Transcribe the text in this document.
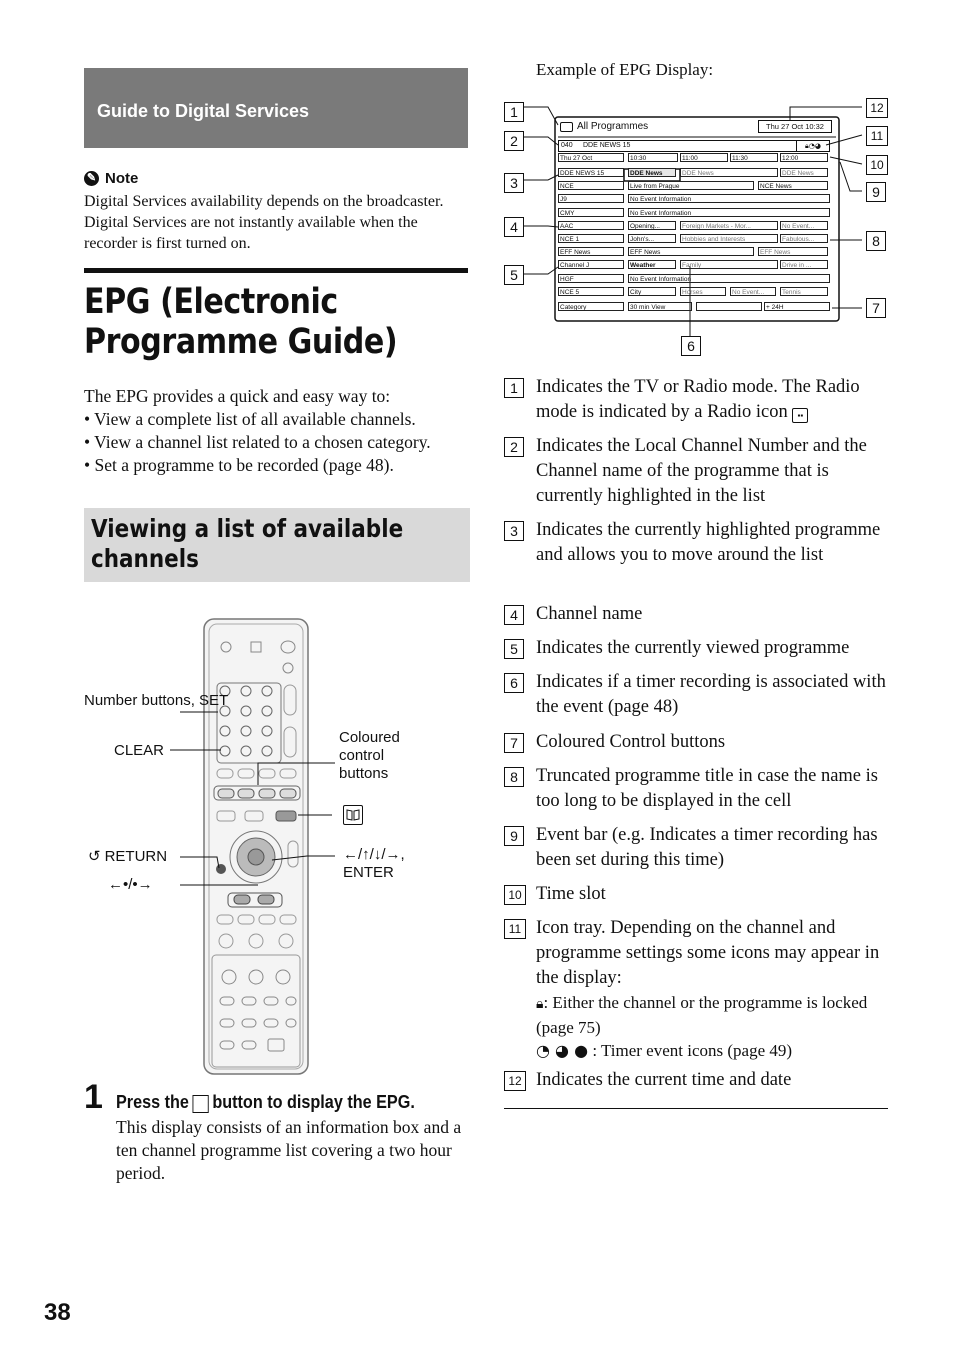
Guide to Digital Services
✎ Note
Digital Services availability depends on the broadcaster. Digital Services are not instantly available when the recorder is first turned on.
EPG (Electronic Programme Guide)
The EPG provides a quick and easy way to:
• View a complete list of all available channels.
• View a channel list related to a chosen category.
• Set a programme to be recorded (page 48).
Viewing a list of available channels
Number buttons, SET
CLEAR
Coloured control buttons
↺ RETURN	←/↑/↓/→,
ENTER
←•/•→
1 Press the button to display the EPG.
This display consists of an information box and a ten channel programme list covering a two hour period.
38
Example of EPG Display:
All Programmes	Thu 27 Oct 10:32
040 DDE NEWS 15	🔒︎◔◕
Thu 27 Oct	10:30	11:00	11:30	12:00
DDE NEWS 15	DDE News	DDE News	DDE News
NCE	Live from Prague	NCE News
J9	No Event Information
CMY	No Event Information
AAC	Opening...	Foreign Markets - Mor...	No Event...
NCE 1	John's...	Hobbies and Interests	Fabulous...
EFF News	EFF News	EFF News
Channel J	Weather	Family	Drive in ...
HGF	No Event Information
NCE 5	City	Horses	No Event...	Tennis
Category	30 min View	+ 24H
1
2
3
4
5
6
7
8
9
10
11
12
1 Indicates the TV or Radio mode. The Radio mode is indicated by a Radio icon ▪▪
2 Indicates the Local Channel Number and the Channel name of the programme that is currently highlighted in the list
3 Indicates the currently highlighted programme and allows you to move around the list
4 Channel name
5 Indicates the currently viewed programme
6 Indicates if a timer recording is associated with the event (page 48)
7 Coloured Control buttons
8 Truncated programme title in case the name is too long to be displayed in the cell
9 Event bar (e.g. Indicates a timer recording has been set during this time)
10 Time slot
11 Icon tray. Depending on the channel and programme settings some icons may appear in the display:
🔒︎: Either the channel or the programme is locked (page 75)
◔ ◕ ● : Timer event icons (page 49)
12 Indicates the current time and date
